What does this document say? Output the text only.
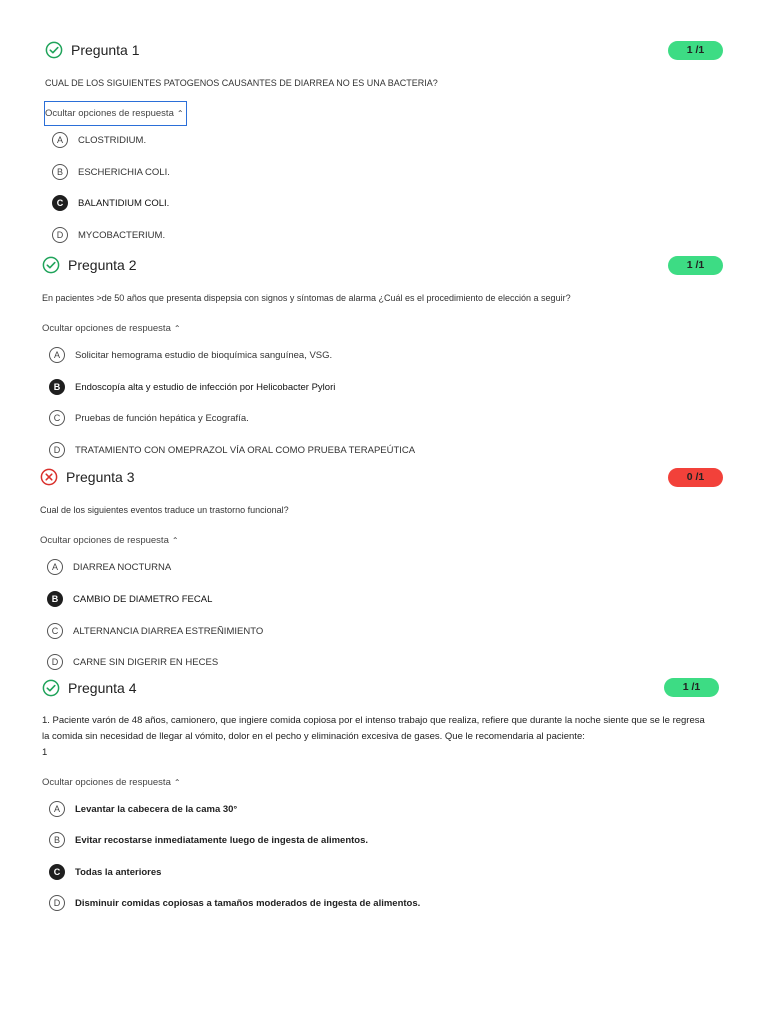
Pregunta 1	1 /1
CUAL DE LOS SIGUIENTES PATOGENOS CAUSANTES DE DIARREA NO ES UNA BACTERIA?
Ocultar opciones de respuesta ⌃
A	CLOSTRIDIUM.
B	ESCHERICHIA COLI.
C	BALANTIDIUM COLI.
D	MYCOBACTERIUM.
Pregunta 2	1 /1
En pacientes >de 50 años que presenta dispepsia con signos y síntomas de alarma ¿Cuál es el procedimiento de elección a seguir?
Ocultar opciones de respuesta ⌃
A	Solicitar hemograma estudio de bioquímica sanguínea, VSG.
B	Endoscopía alta y estudio de infección por Helicobacter Pylori
C	Pruebas de función hepática y Ecografía.
D	TRATAMIENTO CON OMEPRAZOL VÍA ORAL COMO PRUEBA TERAPEÚTICA
Pregunta 3	0 /1
Cual de los siguientes eventos traduce un trastorno funcional?
Ocultar opciones de respuesta ⌃
A	DIARREA NOCTURNA
B	CAMBIO DE DIAMETRO FECAL
C	ALTERNANCIA DIARREA ESTREÑIMIENTO
D	CARNE SIN DIGERIR EN HECES
Pregunta 4	1 /1
1. Paciente varón de 48 años, camionero, que ingiere comida copiosa por el intenso trabajo que realiza, refiere que durante la noche siente que se le regresa
la comida sin necesidad de llegar al vómito, dolor en el pecho y eliminación excesiva de gases. Que le recomendaria al paciente:
1
Ocultar opciones de respuesta ⌃
A	Levantar la cabecera de la cama 30°
B	Evitar recostarse inmediatamente luego de ingesta de alimentos.
C	Todas la anteriores
D	Disminuir comidas copiosas a tamaños moderados de ingesta de alimentos.
